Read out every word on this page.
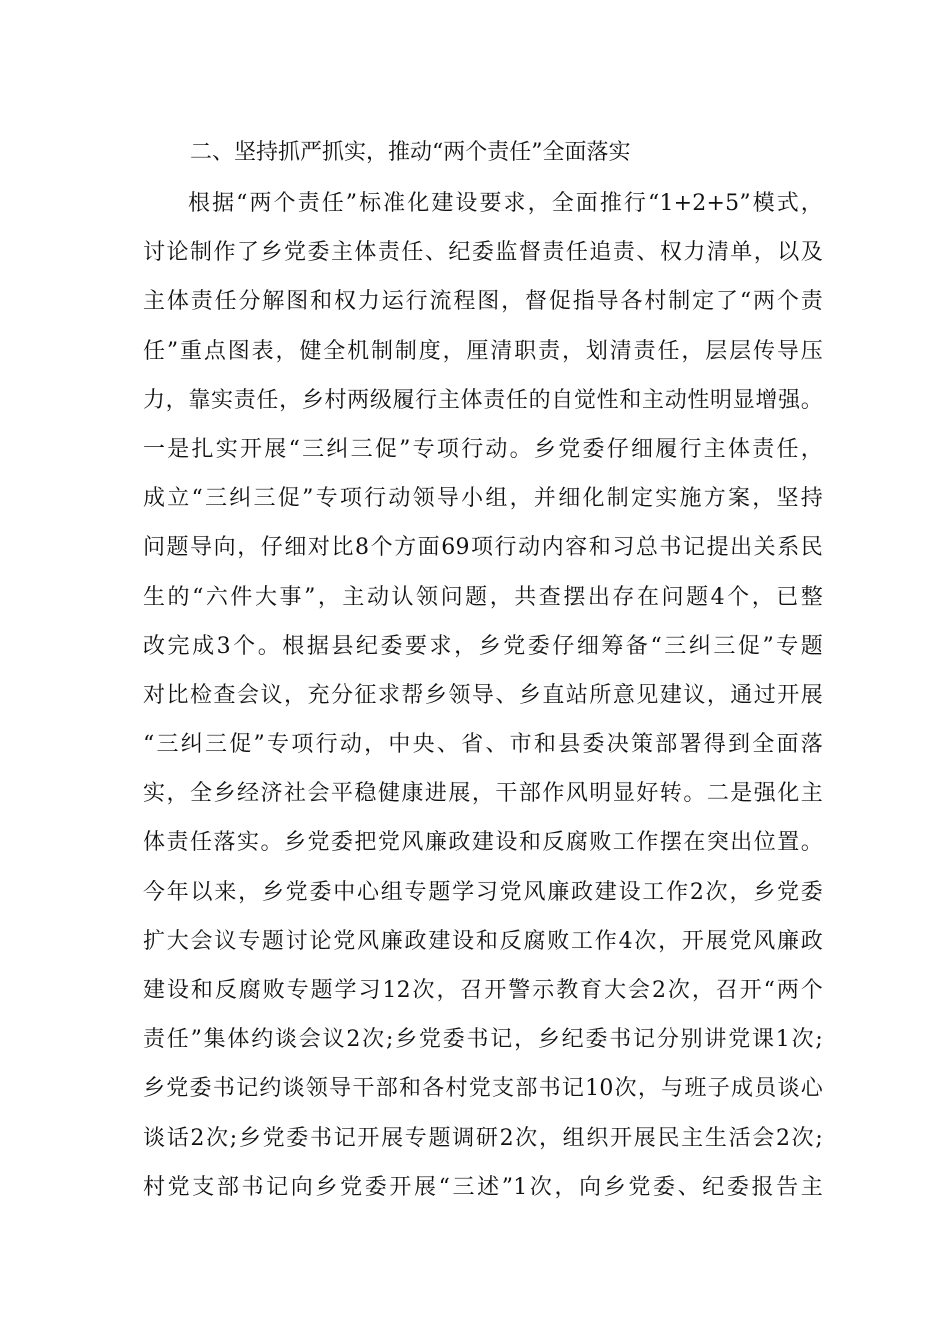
二、坚持抓严抓实，推动“两个责任”全面落实
根据“两个责任”标准化建设要求，全面推行“1+2+5”模式，
讨论制作了乡党委主体责任、纪委监督责任追责、权力清单，以及
主体责任分解图和权力运行流程图，督促指导各村制定了“两个责
任”重点图表，健全机制制度，厘清职责，划清责任，层层传导压
力，靠实责任，乡村两级履行主体责任的自觉性和主动性明显增强。
一是扎实开展“三纠三促”专项行动。乡党委仔细履行主体责任，
成立“三纠三促”专项行动领导小组，并细化制定实施方案，坚持
问题导向，仔细对比8个方面69项行动内容和习总书记提出关系民
生的“六件大事”，主动认领问题，共查摆出存在问题4个，已整
改完成3个。根据县纪委要求，乡党委仔细筹备“三纠三促”专题
对比检查会议，充分征求帮乡领导、乡直站所意见建议，通过开展
“三纠三促”专项行动，中央、省、市和县委决策部署得到全面落
实，全乡经济社会平稳健康进展，干部作风明显好转。二是强化主
体责任落实。乡党委把党风廉政建设和反腐败工作摆在突出位置。
今年以来，乡党委中心组专题学习党风廉政建设工作2次，乡党委
扩大会议专题讨论党风廉政建设和反腐败工作4次，开展党风廉政
建设和反腐败专题学习12次，召开警示教育大会2次，召开“两个
责任”集体约谈会议2次;乡党委书记，乡纪委书记分别讲党课1次;
乡党委书记约谈领导干部和各村党支部书记10次，与班子成员谈心
谈话2次;乡党委书记开展专题调研2次，组织开展民主生活会2次;
村党支部书记向乡党委开展“三述”1次，向乡党委、纪委报告主
